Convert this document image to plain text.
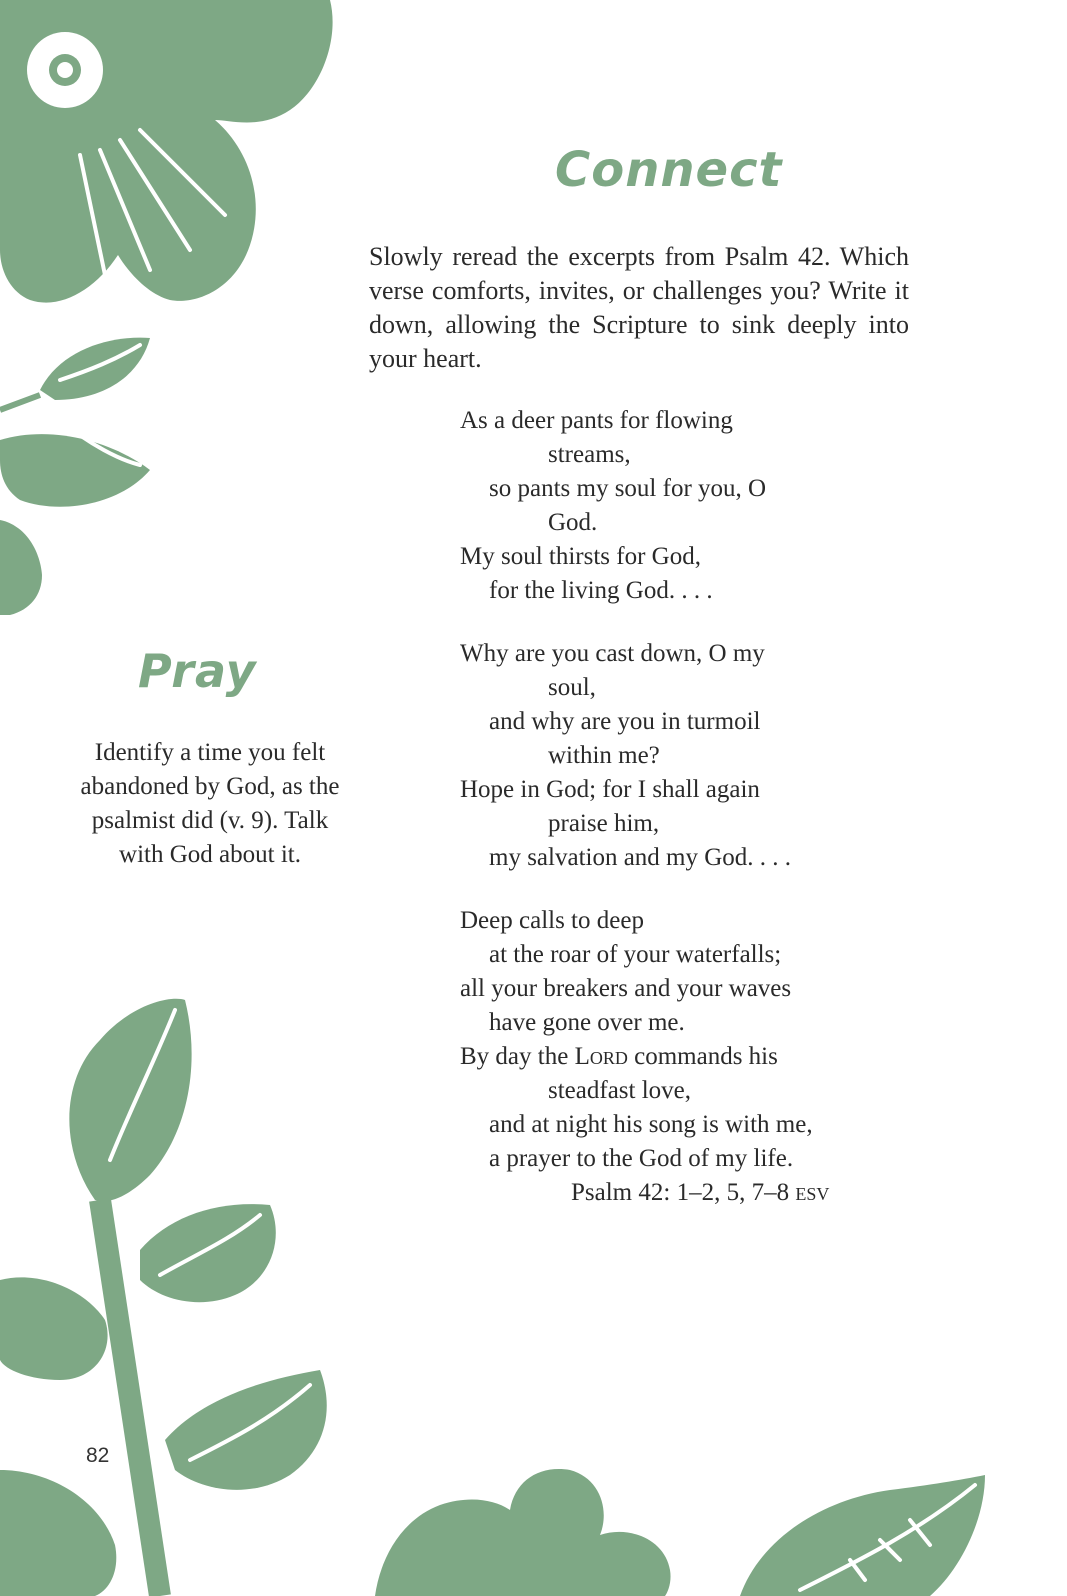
Connect
Slowly reread the excerpts from Psalm 42. Which verse comforts, invites, or challenges you? Write it down, allowing the Scripture to sink deeply into your heart.
Pray
Identify a time you felt abandoned by God, as the psalmist did (v. 9). Talk with God about it.
As a deer pants for flowing
streams,
so pants my soul for you, O
God.
My soul thirsts for God,
for the living God. . . .
Why are you cast down, O my
soul,
and why are you in turmoil
within me?
Hope in God; for I shall again
praise him,
my salvation and my God. . . .
Deep calls to deep
at the roar of your waterfalls;
all your breakers and your waves
have gone over me.
By day the Lord commands his
steadfast love,
and at night his song is with me,
a prayer to the God of my life.
Psalm 42: 1–2, 5, 7–8 esv
82
